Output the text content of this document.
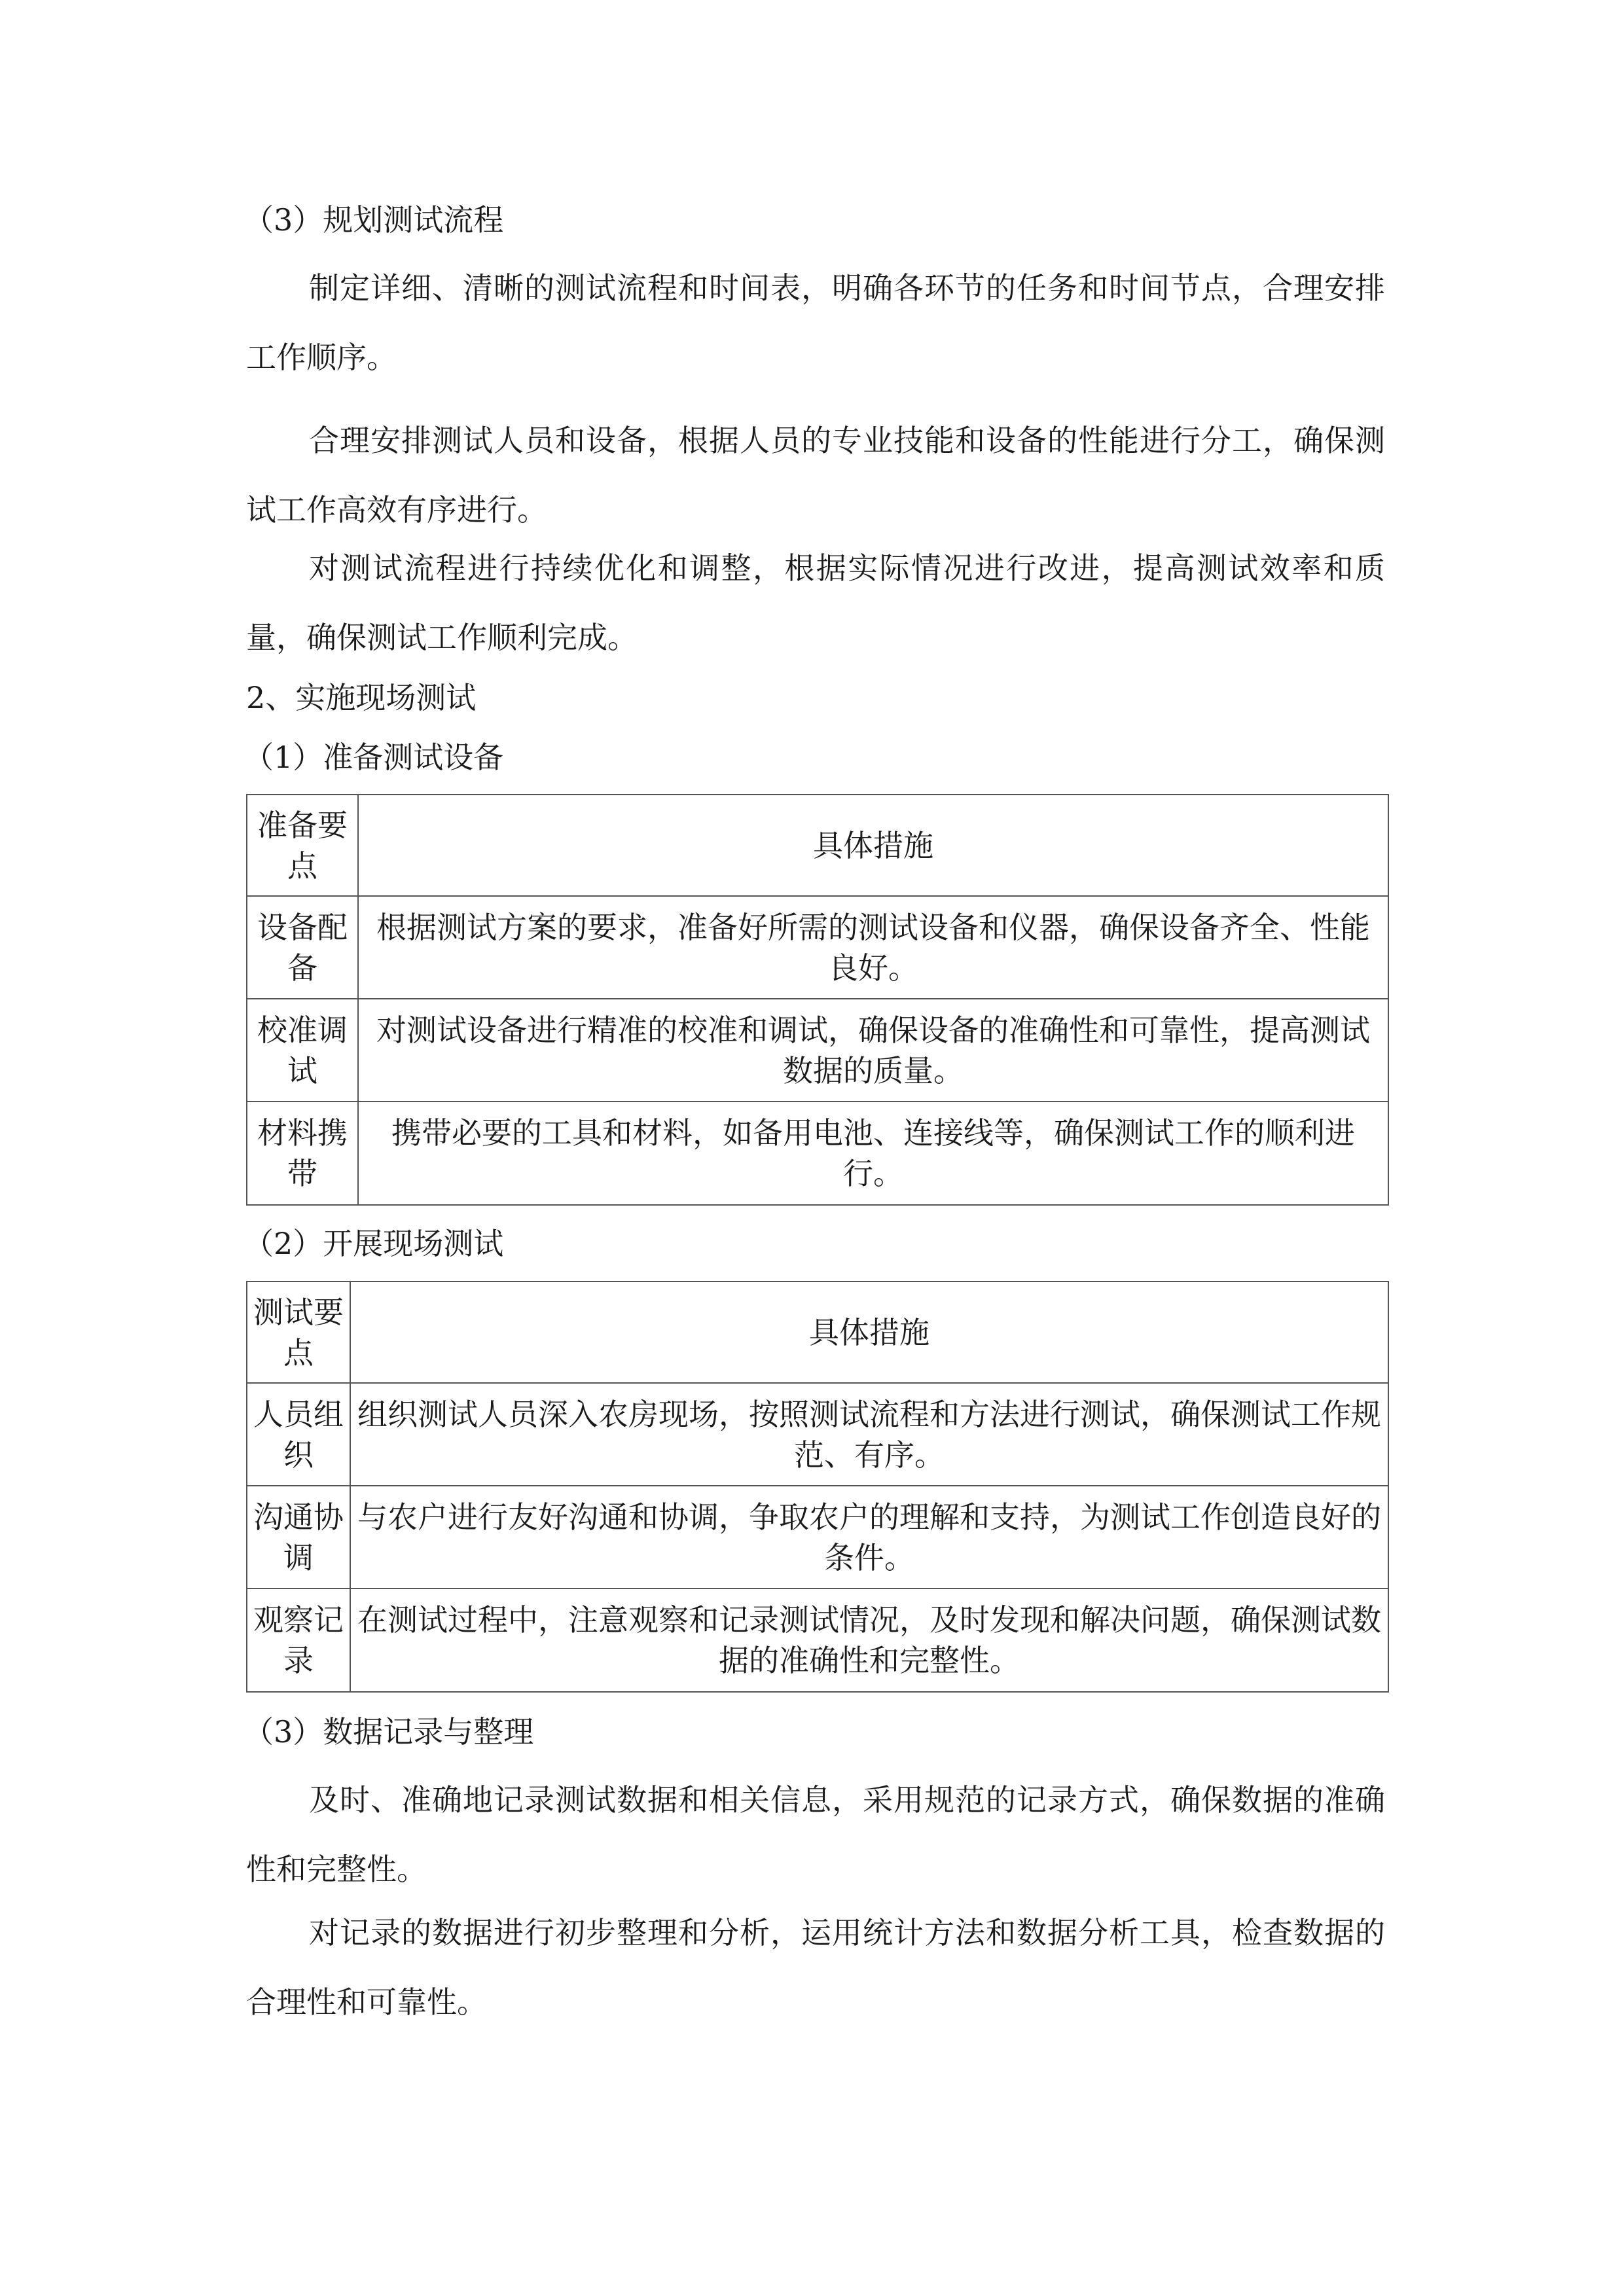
（3）规划测试流程

制定详细、清晰的测试流程和时间表，明确各环节的任务和时间节点，合理安排工作顺序。

合理安排测试人员和设备，根据人员的专业技能和设备的性能进行分工，确保测试工作高效有序进行。

对测试流程进行持续优化和调整，根据实际情况进行改进，提高测试效率和质量，确保测试工作顺利完成。

2、实施现场测试

（1）准备测试设备

准备要点	具体措施
设备配备	根据测试方案的要求，准备好所需的测试设备和仪器，确保设备齐全、性能良好。
校准调试	对测试设备进行精准的校准和调试，确保设备的准确性和可靠性，提高测试数据的质量。
材料携带	携带必要的工具和材料，如备用电池、连接线等，确保测试工作的顺利进行。

（2）开展现场测试

测试要点	具体措施
人员组织	组织测试人员深入农房现场，按照测试流程和方法进行测试，确保测试工作规范、有序。
沟通协调	与农户进行友好沟通和协调，争取农户的理解和支持，为测试工作创造良好的条件。
观察记录	在测试过程中，注意观察和记录测试情况，及时发现和解决问题，确保测试数据的准确性和完整性。

（3）数据记录与整理

及时、准确地记录测试数据和相关信息，采用规范的记录方式，确保数据的准确性和完整性。

对记录的数据进行初步整理和分析，运用统计方法和数据分析工具，检查数据的合理性和可靠性。
